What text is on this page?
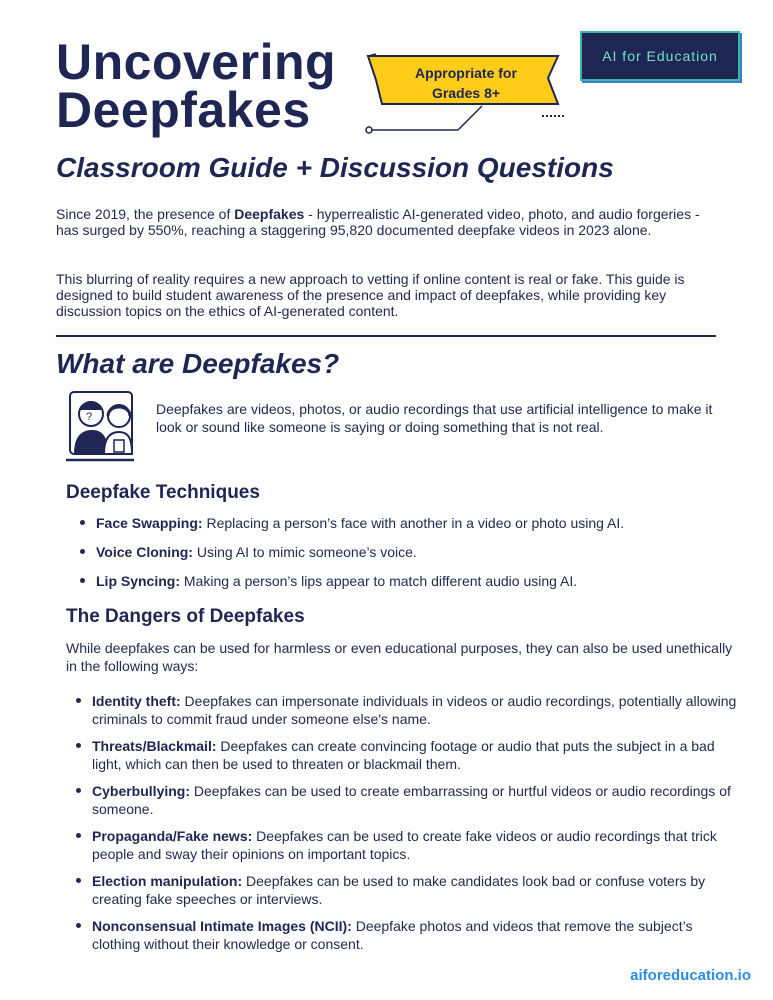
Uncovering
Deepfakes
Appropriate for
Grades 8+
AI for Education
Classroom Guide + Discussion Questions

Since 2019, the presence of Deepfakes - hyperrealistic AI-generated video, photo, and audio forgeries - has surged by 550%, reaching a staggering 95,820 documented deepfake videos in 2023 alone.

This blurring of reality requires a new approach to vetting if online content is real or fake. This guide is designed to build student awareness of the presence and impact of deepfakes, while providing key discussion topics on the ethics of AI-generated content.

What are Deepfakes?
?	Deepfakes are videos, photos, or audio recordings that use artificial intelligence to make it look or sound like someone is saying or doing something that is not real.

Deepfake Techniques
Face Swapping: Replacing a person’s face with another in a video or photo using AI.
Voice Cloning: Using AI to mimic someone’s voice.
Lip Syncing: Making a person’s lips appear to match different audio using AI.
The Dangers of Deepfakes

While deepfakes can be used for harmless or even educational purposes, they can also be used unethically in the following ways:

Identity theft: Deepfakes can impersonate individuals in videos or audio recordings, potentially allowing criminals to commit fraud under someone else's name.
Threats/Blackmail: Deepfakes can create convincing footage or audio that puts the subject in a bad light, which can then be used to threaten or blackmail them.
Cyberbullying: Deepfakes can be used to create embarrassing or hurtful videos or audio recordings of someone.
Propaganda/Fake news: Deepfakes can be used to create fake videos or audio recordings that trick people and sway their opinions on important topics.
Election manipulation: Deepfakes can be used to make candidates look bad or confuse voters by creating fake speeches or interviews.
Nonconsensual Intimate Images (NCII): Deepfake photos and videos that remove the subject’s clothing without their knowledge or consent.
aiforeducation.io
